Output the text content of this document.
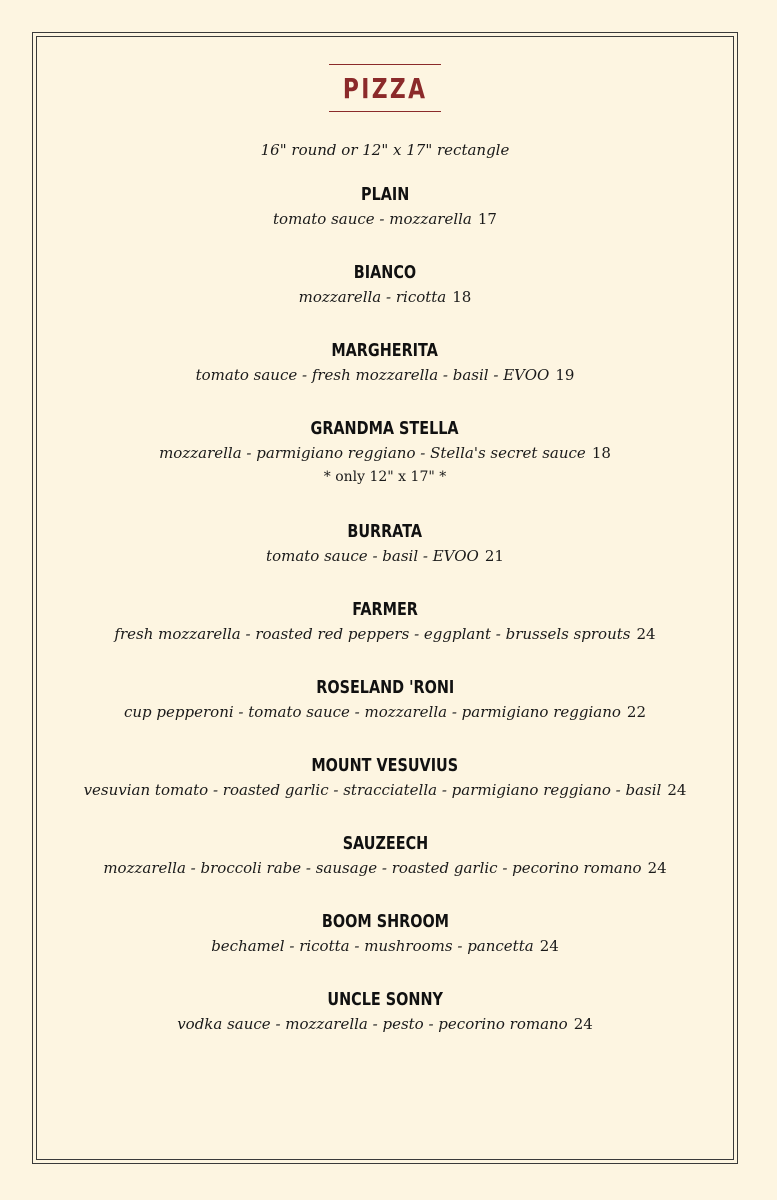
PIZZA
16" round or 12" x 17" rectangle
PLAIN
tomato sauce - mozzarella 17
BIANCO
mozzarella - ricotta 18
MARGHERITA
tomato sauce - fresh mozzarella - basil - EVOO 19
GRANDMA STELLA
mozzarella - parmigiano reggiano - Stella's secret sauce 18
* only 12" x 17" *
BURRATA
tomato sauce - basil - EVOO 21
FARMER
fresh mozzarella - roasted red peppers - eggplant - brussels sprouts 24
ROSELAND 'RONI
cup pepperoni - tomato sauce - mozzarella - parmigiano reggiano 22
MOUNT VESUVIUS
vesuvian tomato - roasted garlic - stracciatella - parmigiano reggiano - basil 24
SAUZEECH
mozzarella - broccoli rabe - sausage - roasted garlic - pecorino romano 24
BOOM SHROOM
bechamel - ricotta - mushrooms - pancetta 24
UNCLE SONNY
vodka sauce - mozzarella - pesto - pecorino romano 24
